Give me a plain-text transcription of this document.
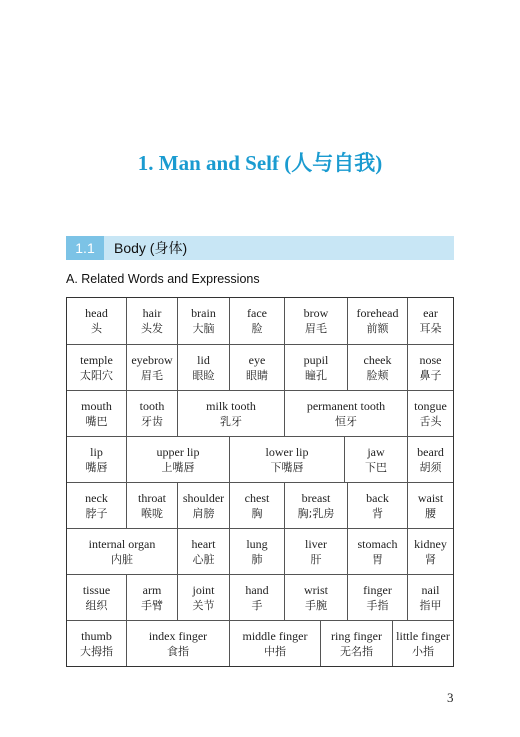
1. Man and Self (人与自我)
1.1	Body (身体)
A. Related Words and Expressions
head
头
hair
头发
brain
大脑
face
脸
brow
眉毛
forehead
前额
ear
耳朵
temple
太阳穴
eyebrow
眉毛
lid
眼睑
eye
眼睛
pupil
瞳孔
cheek
脸颊
nose
鼻子
mouth
嘴巴
tooth
牙齿
milk tooth
乳牙
permanent tooth
恒牙
tongue
舌头
lip
嘴唇
upper lip
上嘴唇
lower lip
下嘴唇
jaw
下巴
beard
胡须
neck
脖子
throat
喉咙
shoulder
肩膀
chest
胸
breast
胸;乳房
back
背
waist
腰
internal organ
内脏
heart
心脏
lung
肺
liver
肝
stomach
胃
kidney
肾
tissue
组织
arm
手臂
joint
关节
hand
手
wrist
手腕
finger
手指
nail
指甲
thumb
大拇指
index finger
食指
middle finger
中指
ring finger
无名指
little finger
小指
3
